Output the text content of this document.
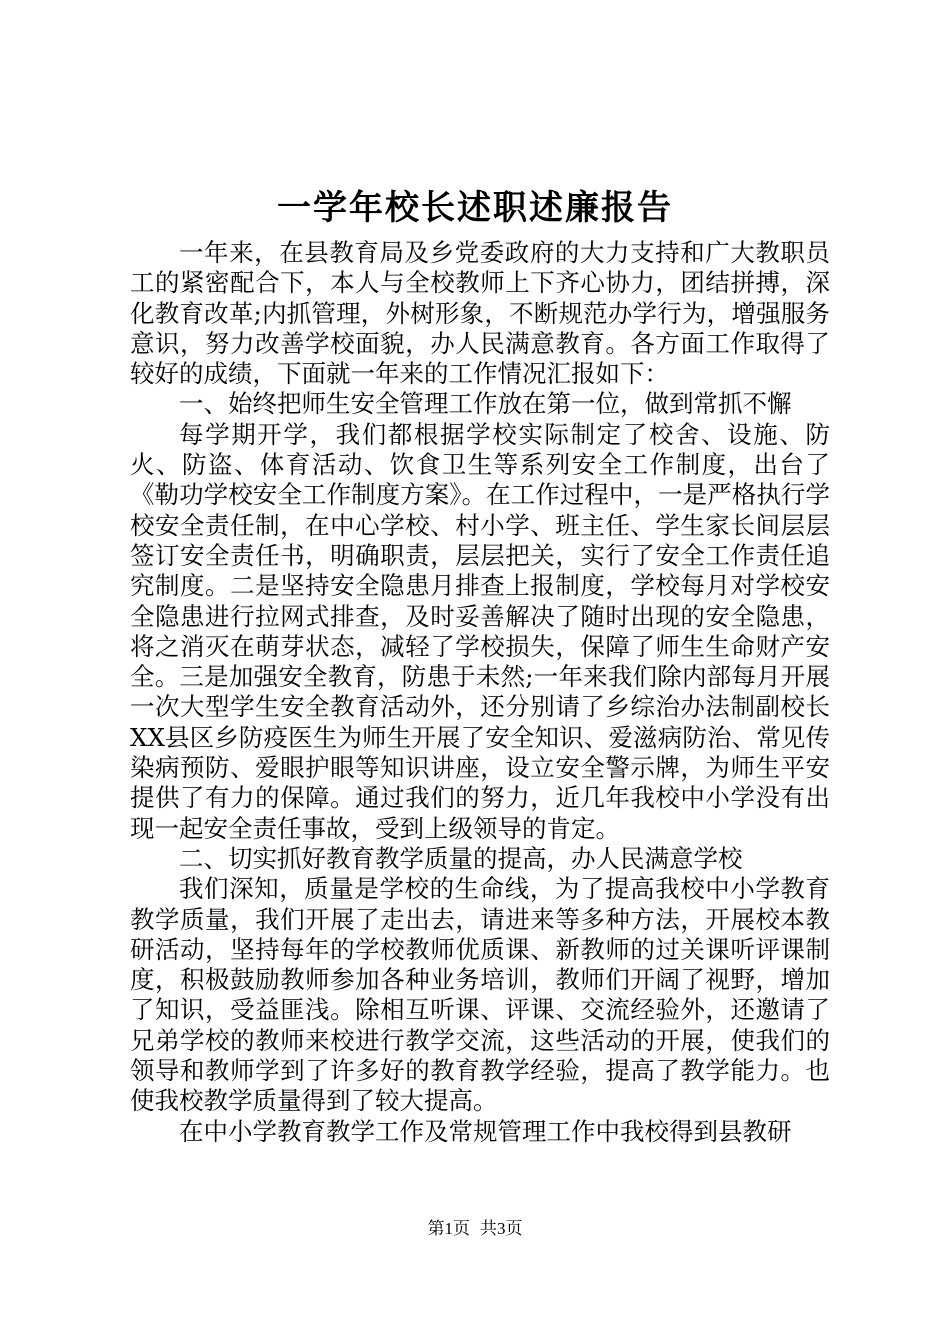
一学年校长述职述廉报告

一年来，在县教育局及乡党委政府的大力支持和广大教职员工的紧密配合下，本人与全校教师上下齐心协力，团结拼搏，深化教育改革;内抓管理，外树形象，不断规范办学行为，增强服务意识，努力改善学校面貌，办人民满意教育。各方面工作取得了较好的成绩，下面就一年来的工作情况汇报如下：

一、始终把师生安全管理工作放在第一位，做到常抓不懈

每学期开学，我们都根据学校实际制定了校舍、设施、防火、防盗、体育活动、饮食卫生等系列安全工作制度，出台了《勒功学校安全工作制度方案》。在工作过程中，一是严格执行学校安全责任制，在中心学校、村小学、班主任、学生家长间层层签订安全责任书，明确职责，层层把关，实行了安全工作责任追究制度。二是坚持安全隐患月排查上报制度，学校每月对学校安全隐患进行拉网式排查，及时妥善解决了随时出现的安全隐患，将之消灭在萌芽状态，减轻了学校损失，保障了师生生命财产安全。三是加强安全教育，防患于未然;一年来我们除内部每月开展一次大型学生安全教育活动外，还分别请了乡综治办法制副校长XX县区乡防疫医生为师生开展了安全知识、爱滋病防治、常见传染病预防、爱眼护眼等知识讲座，设立安全警示牌，为师生平安提供了有力的保障。通过我们的努力，近几年我校中小学没有出现一起安全责任事故，受到上级领导的肯定。

二、切实抓好教育教学质量的提高，办人民满意学校

我们深知，质量是学校的生命线，为了提高我校中小学教育教学质量，我们开展了走出去，请进来等多种方法，开展校本教研活动，坚持每年的学校教师优质课、新教师的过关课听评课制度，积极鼓励教师参加各种业务培训，教师们开阔了视野，增加了知识，受益匪浅。除相互听课、评课、交流经验外，还邀请了兄弟学校的教师来校进行教学交流，这些活动的开展，使我们的领导和教师学到了许多好的教育教学经验，提高了教学能力。也使我校教学质量得到了较大提高。

在中小学教育教学工作及常规管理工作中我校得到县教研

第1页 共3页
